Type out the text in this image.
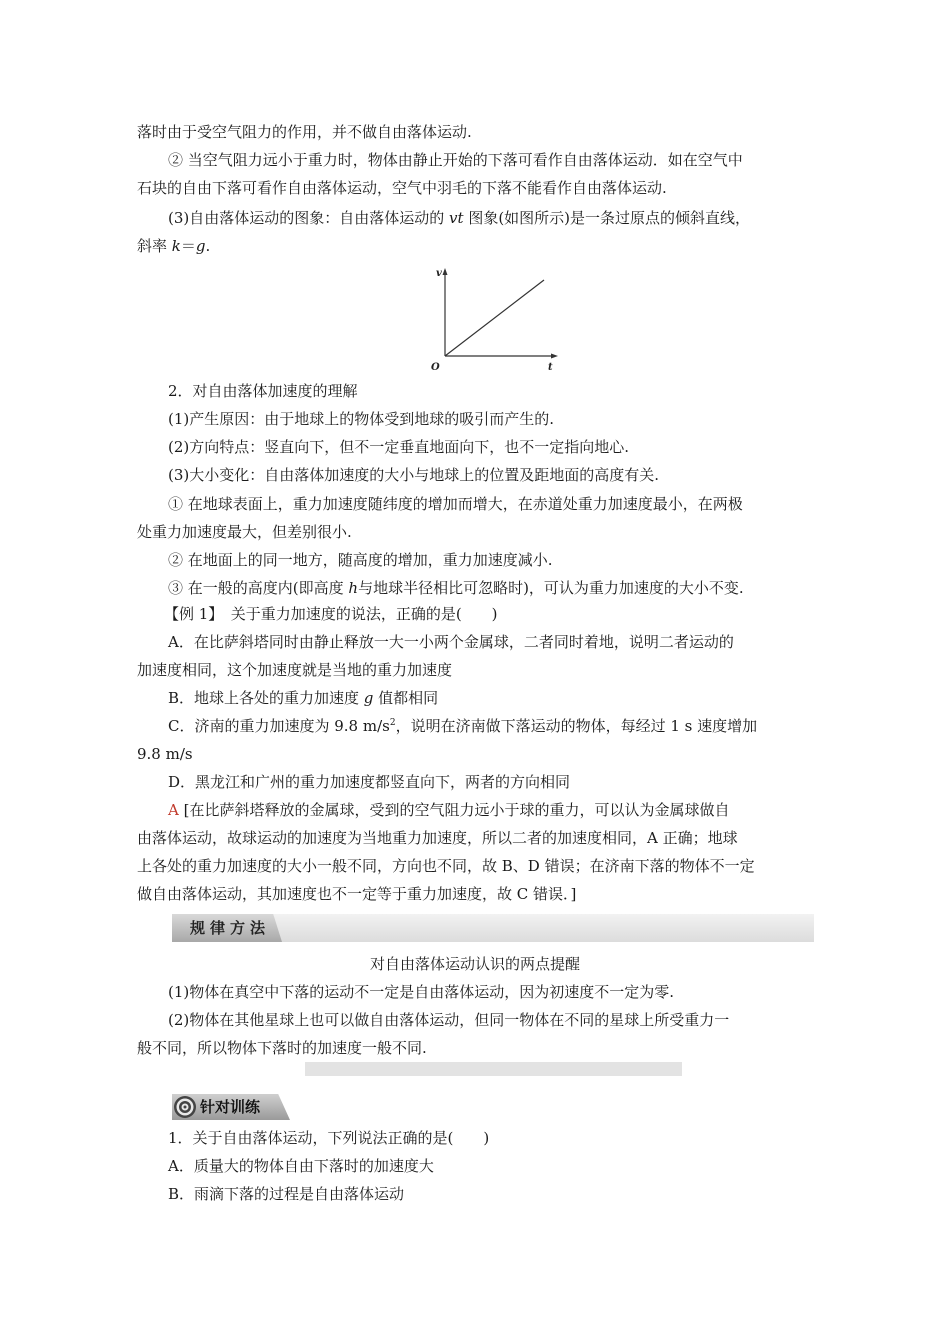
落时由于受空气阻力的作用，并不做自由落体运动.
② 当空气阻力远小于重力时，物体由静止开始的下落可看作自由落体运动．如在空气中
石块的自由下落可看作自由落体运动，空气中羽毛的下落不能看作自由落体运动.
(3)自由落体运动的图象：自由落体运动的 vt 图象(如图所示)是一条过原点的倾斜直线，
斜率 k＝g.
v
t
O
2．对自由落体加速度的理解
(1)产生原因：由于地球上的物体受到地球的吸引而产生的.
(2)方向特点：竖直向下，但不一定垂直地面向下，也不一定指向地心.
(3)大小变化：自由落体加速度的大小与地球上的位置及距地面的高度有关.
① 在地球表面上，重力加速度随纬度的增加而增大，在赤道处重力加速度最小，在两极
处重力加速度最大，但差别很小.
② 在地面上的同一地方，随高度的增加，重力加速度减小.
③ 在一般的高度内(即高度 h与地球半径相比可忽略时)，可认为重力加速度的大小不变.
【例 1】　关于重力加速度的说法，正确的是(　　)
A．在比萨斜塔同时由静止释放一大一小两个金属球，二者同时着地，说明二者运动的
加速度相同，这个加速度就是当地的重力加速度
B．地球上各处的重力加速度 g 值都相同
C．济南的重力加速度为 9.8 $m/s^2$，说明在济南做下落运动的物体，每经过 1 s 速度增加
9.8 m/s
D．黑龙江和广州的重力加速度都竖直向下，两者的方向相同
A [在比萨斜塔释放的金属球，受到的空气阻力远小于球的重力，可以认为金属球做自
由落体运动，故球运动的加速度为当地重力加速度，所以二者的加速度相同，A 正确；地球
上各处的重力加速度的大小一般不同，方向也不同，故 B、D 错误；在济南下落的物体不一定
做自由落体运动，其加速度也不一定等于重力加速度，故 C 错误．]
规律方法
对自由落体运动认识的两点提醒
(1)物体在真空中下落的运动不一定是自由落体运动，因为初速度不一定为零.
(2)物体在其他星球上也可以做自由落体运动，但同一物体在不同的星球上所受重力一
般不同，所以物体下落时的加速度一般不同.
针对训练
1．关于自由落体运动，下列说法正确的是(　　)
A．质量大的物体自由下落时的加速度大
B．雨滴下落的过程是自由落体运动
